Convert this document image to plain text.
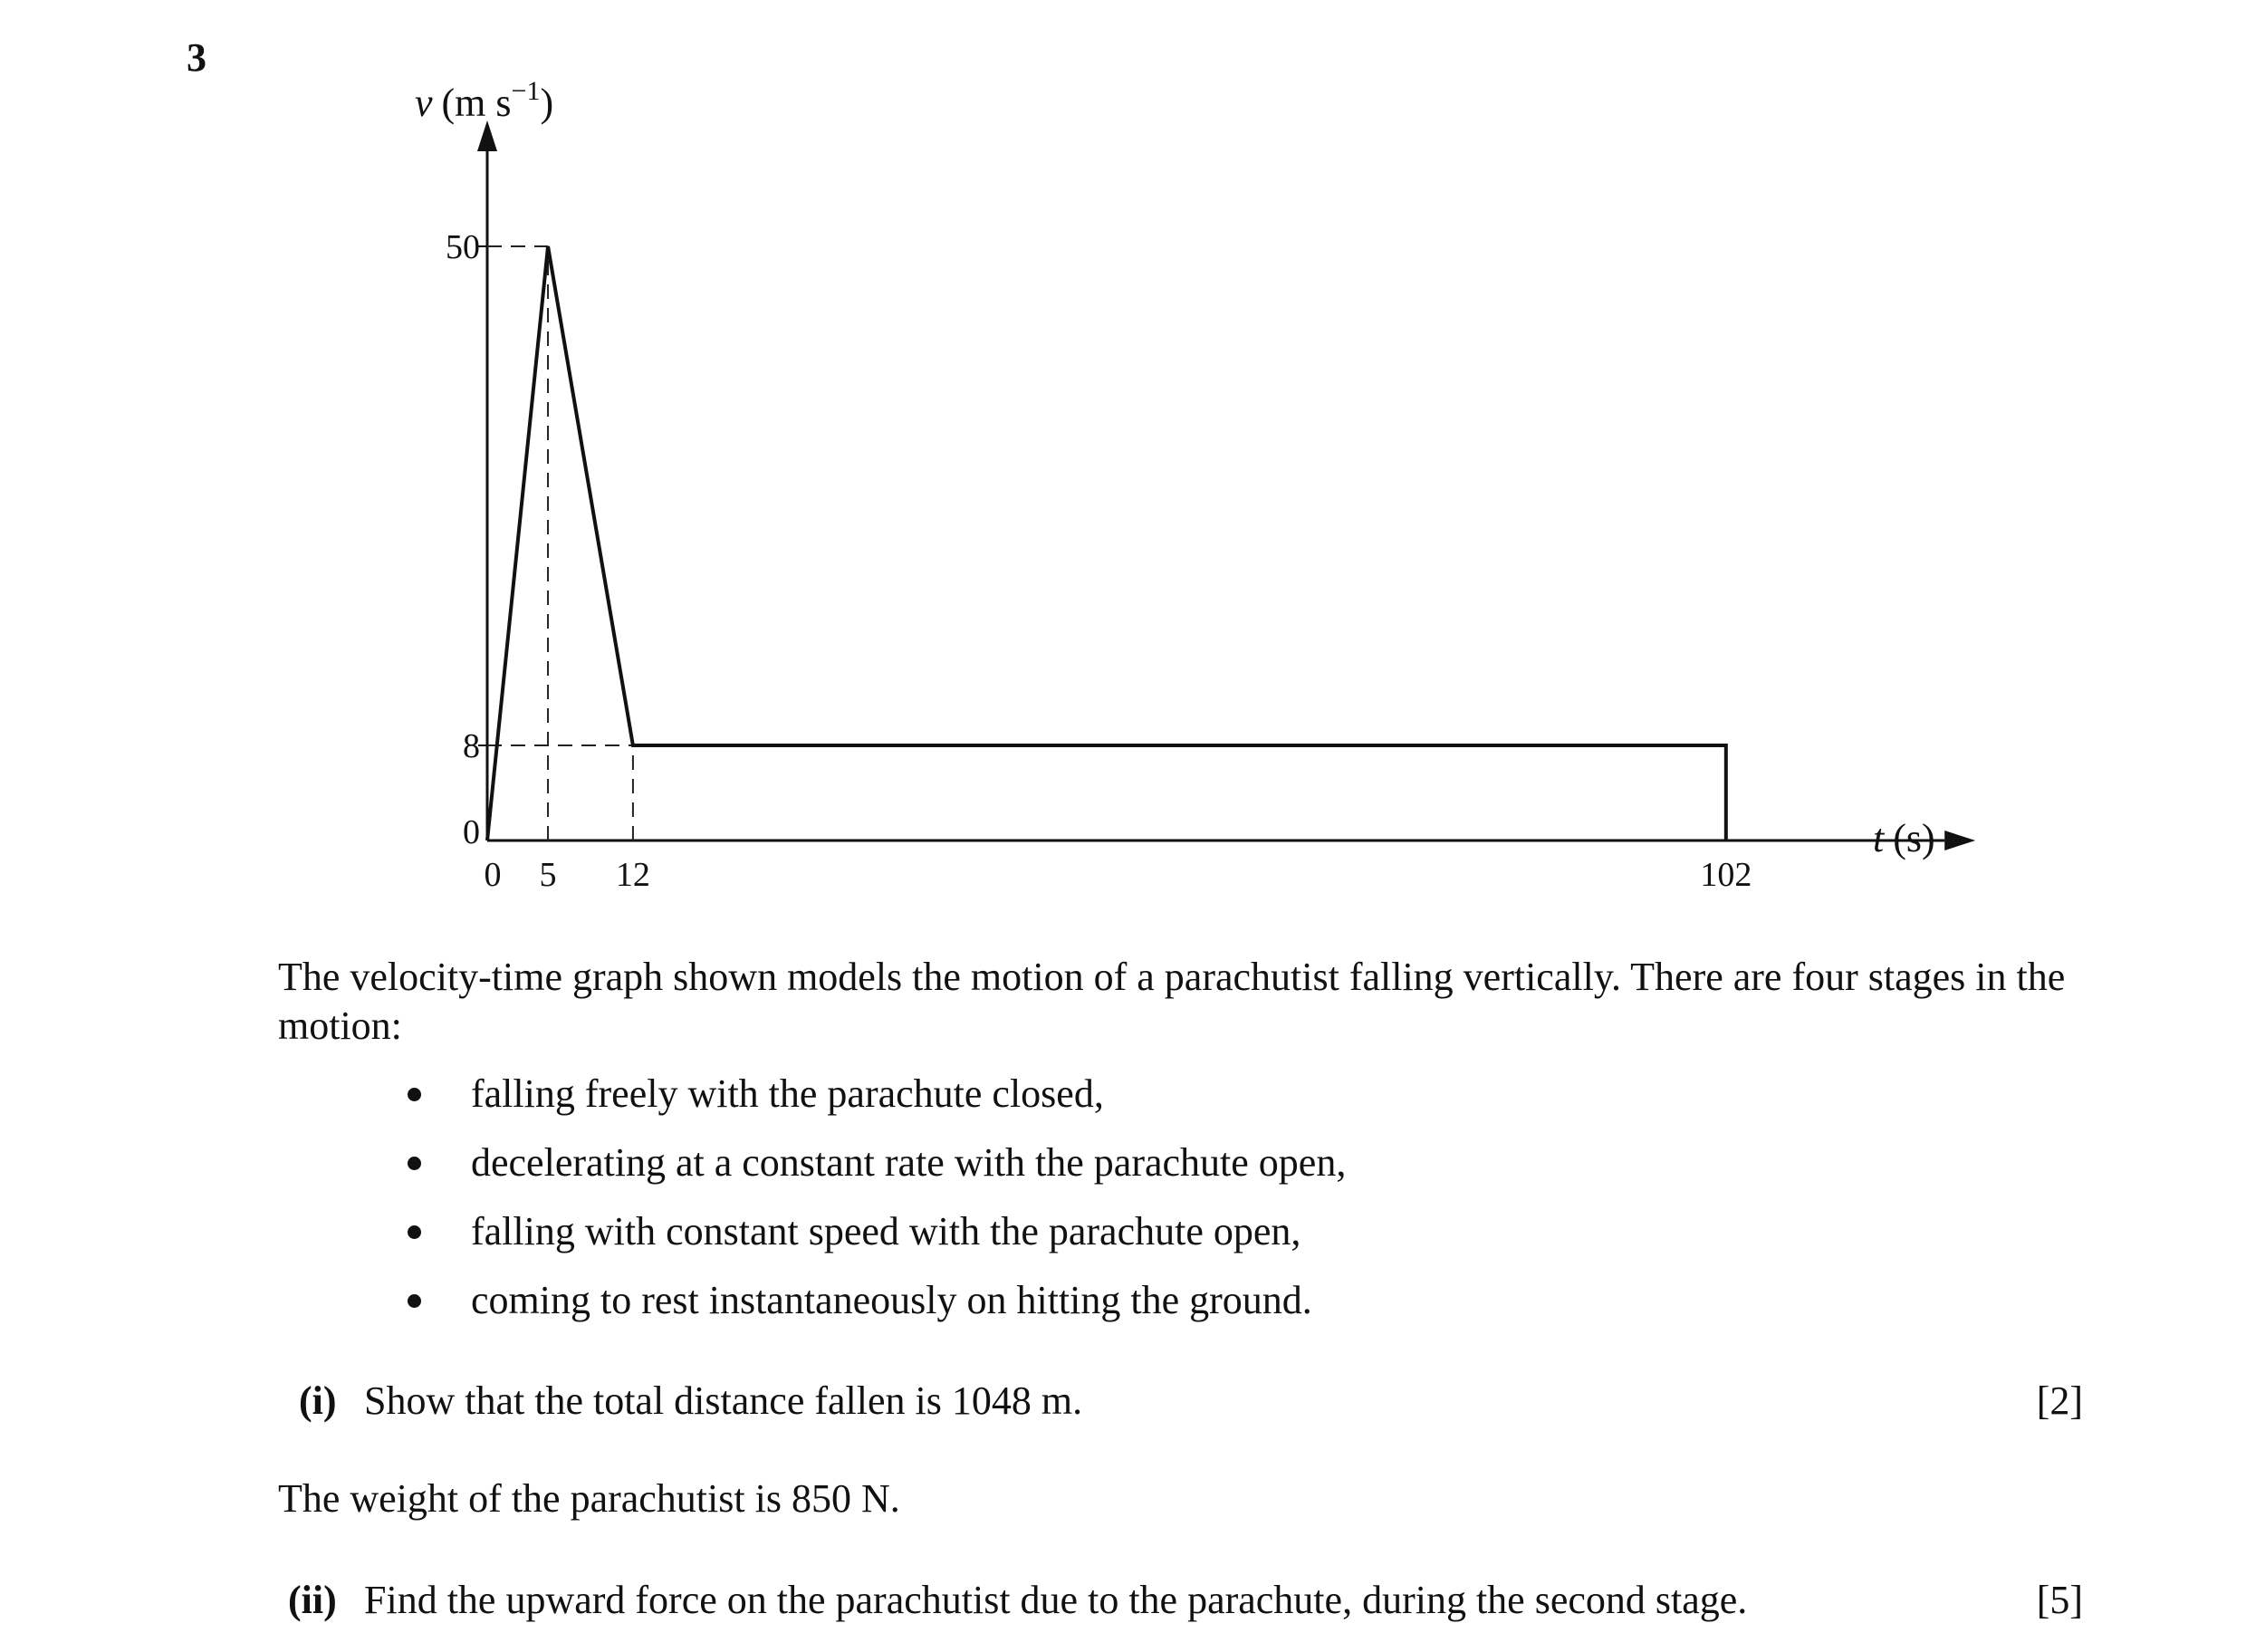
3
0 5 12	102
0
8
50
v (m $s^{-1}$)
t (s)
The velocity-time graph shown models the motion of a parachutist falling vertically. There are four stages in the motion:
falling freely with the parachute closed,
decelerating at a constant rate with the parachute open,
falling with constant speed with the parachute open,
coming to rest instantaneously on hitting the ground.
(i) Show that the total distance fallen is 1048 m.	[2]
The weight of the parachutist is 850 N.
(ii) Find the upward force on the parachutist due to the parachute, during the second stage.	[5]
